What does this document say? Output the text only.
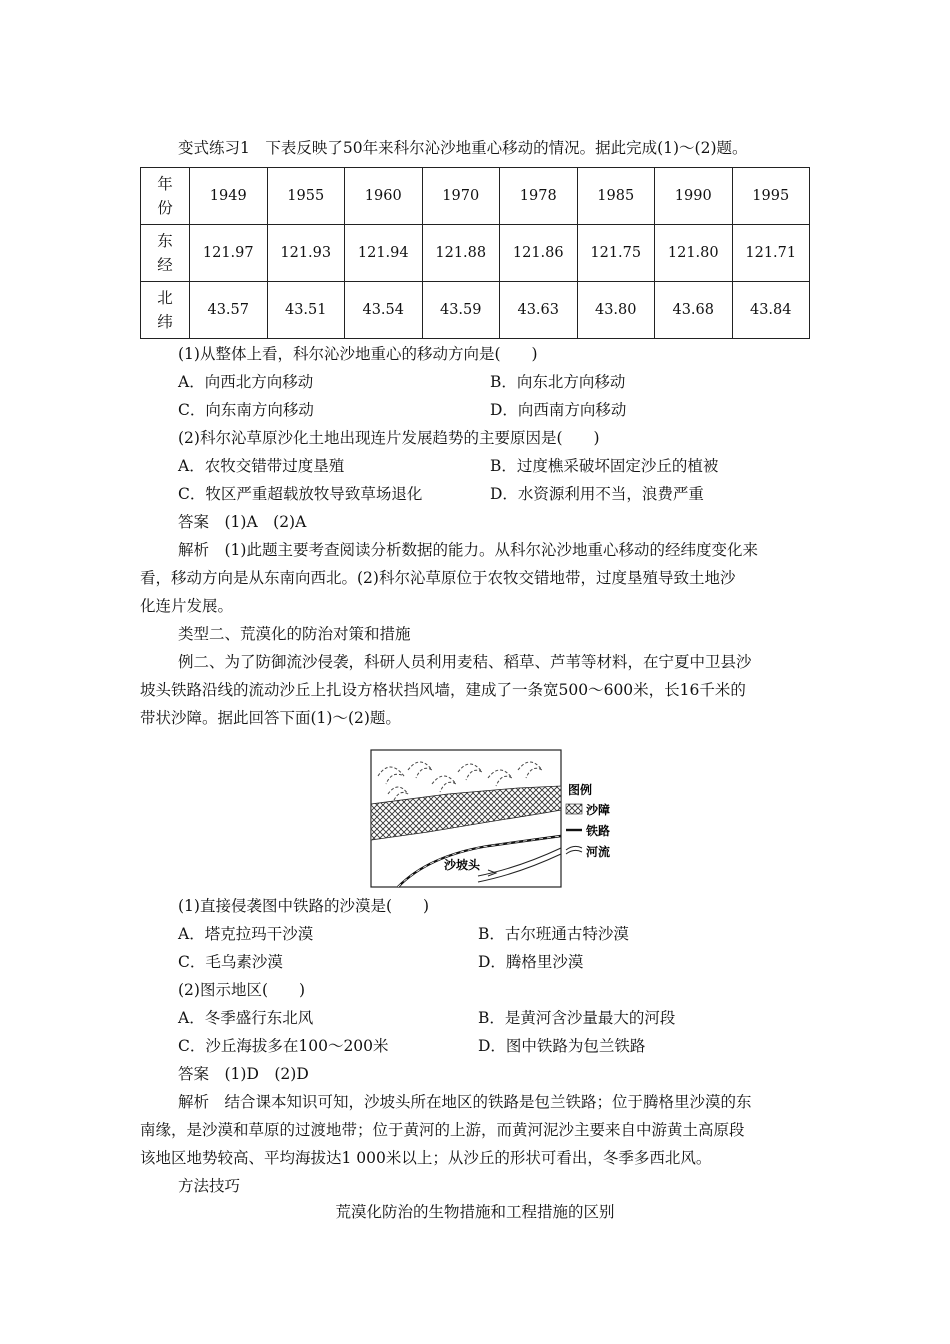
变式练习1　下表反映了50年来科尔沁沙地重心移动的情况。据此完成(1)～(2)题。
年
份	1949	1955	1960	1970	1978	1985	1990	1995
东
经	121.97	121.93	121.94	121.88	121.86	121.75	121.80	121.71
北
纬	43.57	43.51	43.54	43.59	43.63	43.80	43.68	43.84
(1)从整体上看，科尔沁沙地重心的移动方向是(　　)
A．向西北方向移动	B．向东北方向移动
C．向东南方向移动	D．向西南方向移动
(2)科尔沁草原沙化土地出现连片发展趋势的主要原因是(　　)
A．农牧交错带过度垦殖	B．过度樵采破坏固定沙丘的植被
C．牧区严重超载放牧导致草场退化	D．水资源利用不当，浪费严重
答案　(1)A　(2)A
解析　(1)此题主要考查阅读分析数据的能力。从科尔沁沙地重心移动的经纬度变化来
看，移动方向是从东南向西北。(2)科尔沁草原位于农牧交错地带，过度垦殖导致土地沙
化连片发展。
类型二、荒漠化的防治对策和措施
例二、为了防御流沙侵袭，科研人员利用麦秸、稻草、芦苇等材料，在宁夏中卫县沙
坡头铁路沿线的流动沙丘上扎设方格状挡风墙，建成了一条宽500～600米，长16千米的
带状沙障。据此回答下面(1)～(2)题。
沙坡头
图例
沙障
铁路
河流
(1)直接侵袭图中铁路的沙漠是(　　)
A．塔克拉玛干沙漠	B．古尔班通古特沙漠
C．毛乌素沙漠	D．腾格里沙漠
(2)图示地区(　　)
A．冬季盛行东北风	B．是黄河含沙量最大的河段
C．沙丘海拔多在100～200米	D．图中铁路为包兰铁路
答案　(1)D　(2)D
解析　结合课本知识可知，沙坡头所在地区的铁路是包兰铁路；位于腾格里沙漠的东
南缘，是沙漠和草原的过渡地带；位于黄河的上游，而黄河泥沙主要来自中游黄土高原段
该地区地势较高、平均海拔达1 000米以上；从沙丘的形状可看出，冬季多西北风。
方法技巧
荒漠化防治的生物措施和工程措施的区别
